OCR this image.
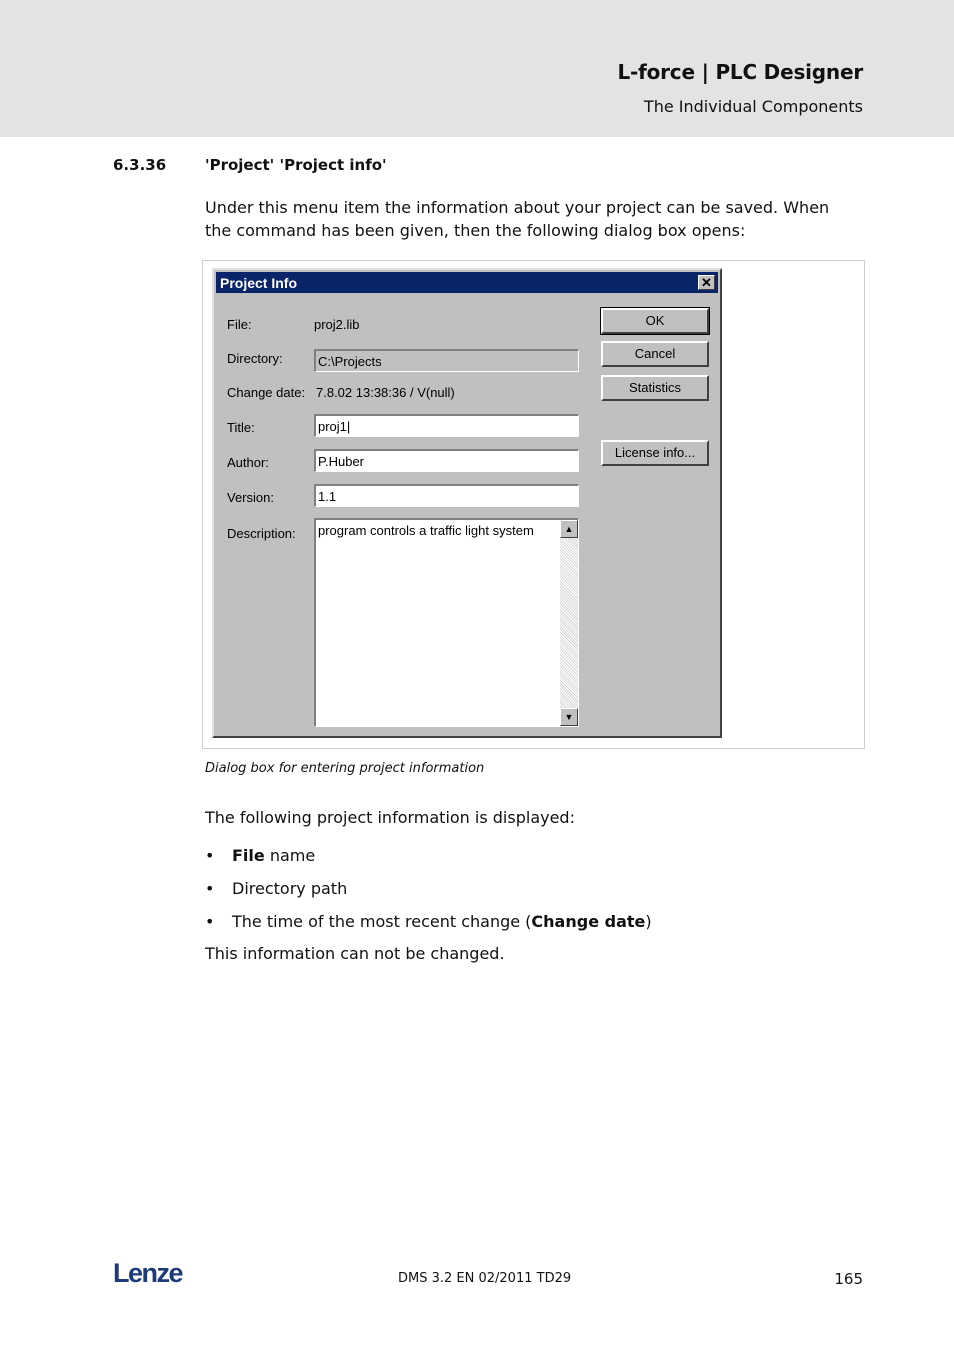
L-force | PLC Designer
The Individual Components
6.3.36	'Project' 'Project info'
Under this menu item the information about your project can be saved. When the command has been given, then the following dialog box opens:
Project Info	✕
File:	proj2.lib
Directory:	C:\Projects
Change date: 7.8.02 13:38:36 / V(null)
Title:	proj1|
Author:	P.Huber
Version:	1.1
Description: program controls a traffic light system	▲
▼
OK
Cancel
Statistics
License info...
Dialog box for entering project information
The following project information is displayed:
• File name
• Directory path
• The time of the most recent change (Change date)
This information can not be changed.
Lenze	DMS 3.2 EN 02/2011 TD29	165
